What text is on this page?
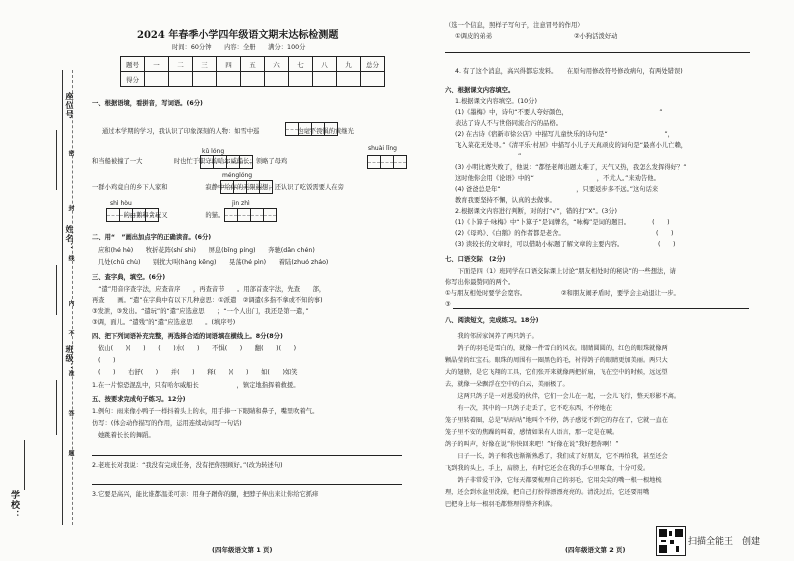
座位号
姓名：
班级：
学校：
密
封
线
内
不
准
答
题
2024 年春季小学四年级语文期末达标检测题
时间：60分钟　　内容：全册　　满分：100分
题号	一	二	三	四	五	六	七	八	九	总分
得分										
一、根据语境，看拼音，写词语。(6分)
通过本学期的学习，我认识了印象深刻的人物：如雪中巡　　　　　　也毫不畏惧的黄继光
shuài lǐng
kǔ lóng
和当船被撞了一大　　　　　时也忙于职守的哈尔威船长；领略了母鸡
ménglóng
一群小鸡竟自的乡下人家和　　　　　　寂静中给你的无限遐想；还认识了吃饭需要人在旁
shì hòu	jìn zhì
　　　　　的白鹅和贪玩又　　　　　　的猫。
二、用“　”画出加点字的正确读音。(6分)
应和(hé hè)　　牧折花阵(shí shi)　　屏息(bǐng píng)　　奔驰(dān chén)
几处(chū chù)　　别扰大叫(hàng kēng)　　晃荡(hé pìn)　　着陆(zhuó zháo)
三、查字典，填空。(6分)
　“遣”用音序查字法，应查音序　　，再查音节　　。用部首查字法，先查　　部，
再查　　画。“遣”在字典中有以下几种意思：①派遣　②调遣(多指不拿或不知的事)
③发泄，③发出。“遣玩”的“遣”应选意思　　；“一个人出门，我还是第一遣，”
③调，面儿。“遣残”的“遣”应选意思　　。(填序号)
四、把下列词语补充完整，再选择合适的词语填在横线上。8分(8分)
依山(　　)(　　)　　(　　)水(　　)　　不惧(　　)　　翻(　　)(　　)
(　　)
(　　)　　右舒(　　)　　并(　　)　　释(　　)(　　)　　如(　　)如笑
1.在一片惊恐混乱中，只有哈尔威船长　　　　　　，镇定地指挥着救援。
五、按要求完成句子练习。12分)
1.例句：雨来像小鸭子一样抖着头上的水，用手捧一下眼睛和鼻子，嘴里吹着气。
仿写：(体会动作描写的作用，运用连续动词写一句话)
她跳着长长的舞蹈。
2.老班长对我说：“我没有完成任务，没有把你照顾好。”(改为转述句)
3.它要是高兴，能比谁都温柔可亲：用身子蹭你的腿，把脖子伸出来让你给它抓痒
(四年级语文第 1 页)
（选一个信息，照样子写句子，注意冒号的作用）
①调皮的弟弟　　　　　　　　　　　　　②小狗活泼好动
4. 有了这个消息，高兴得都忘发料。　　在原句用修改符号修改病句，有两处错误)
六、根据课文内容填空。
1.根据课文内容填空。(10分)
(1)《墨梅》中，诗句“不要人夸好颜色，　　　　　　　　　　　　　　　”
表达了诗人不与世俗同流合污的品格。
(2) 在古诗《宿新市徐公店》中描写儿童快乐的诗句是“　　　　　　　　　”，
飞入菜花无处寻。”《清平乐·村居》中描写小儿子天真顽皮的词句是“最喜小儿亡赖，
　　　　　　　　　　”
(3) 小明比赛失败了，他说：“都怪老师出题太难了，天气又热，我怎么发挥得好？”
这时他你会用《论语》中的“　　　　　　　　　　，不尤人。”来劝告他。
(4) 爸爸总是年“　　　　　　　　　　　　，只要返步多不远。”这句话来
教育我要坚持不懈，认真的去做事。
2.根据课文内容进行判断，对的打“√”，错的打“X”。(3分)
(1)《卜算子·咏梅》中“卜算子”是词牌名，“咏梅”是词的题目。　　　　(　　)
(2)《母鸡》、《白鹅》的作者都是老舍。　　　　　　　　　　　　　　　(　　)
(3) 读较长的文章时，可以借助小标题了解文章的主要内容。　　　　　　(　　)
七、口语交际　(2分)
　　下面是四（1）班同学在口语交际课上讨论“朋友相处时的秘诀”的一些想法，请
你写出你最赞同的两个。
①与朋友相处时要学会宽容。　　　　　　②和朋友闹矛盾时，要学会主动退让一步。
③
八、阅读短文，完成练习。18分)
　　我的邻居家饲养了两只鸽子。
　　鸽子的羽毛是雪白的，就像一件雪白的风衣。眼睛圆圆的，红色的眼珠就像两
颗晶莹的红宝石。眼珠的周围有一圈黑色的毛，衬得鸽子的眼睛更加美丽。两只大
大的翅膀，是它飞翔的工具，它们张开来就像两把折扇，飞在空中的时候，远远望
去，就像一朵飘浮在空中的白云，美丽极了。
　　这两只鸽子是一对恩爱的伙伴，它们一会儿在一起，一会儿飞行，整天形影不离。
　　有一次，其中的一只鸽子走丢了，它不吃东西，不停地在
笼子里转着圈，总是“咕咕咕”地叫个不停，鸽子感觉不到它的存在了，它就一直在
笼子里不安的焦躁的叫着，感情如果有人语言，那一定是在喊。
鸽子的叫声，好像在说“你快回来吧！”好像在说“我好想你啊！”
　　日子一长，鸽子和我也渐渐熟悉了，我们成了好朋友，它不再怕我，甚至还会
飞到我的头上，手上，肩膀上，有时它还会在我的手心里啄食，十分可爱。
　　鸽子非常爱干净，它每天都要梳理自己的羽毛，它用尖尖的嘴一根一根地梳
理，还会到水盆里洗澡，把自己打扮得漂漂亮亮的。清洗过后，它还要用嘴
巴把身上每一根羽毛都整理得整齐利落。
(四年级语文第 2 页)
扫描全能王　创建
